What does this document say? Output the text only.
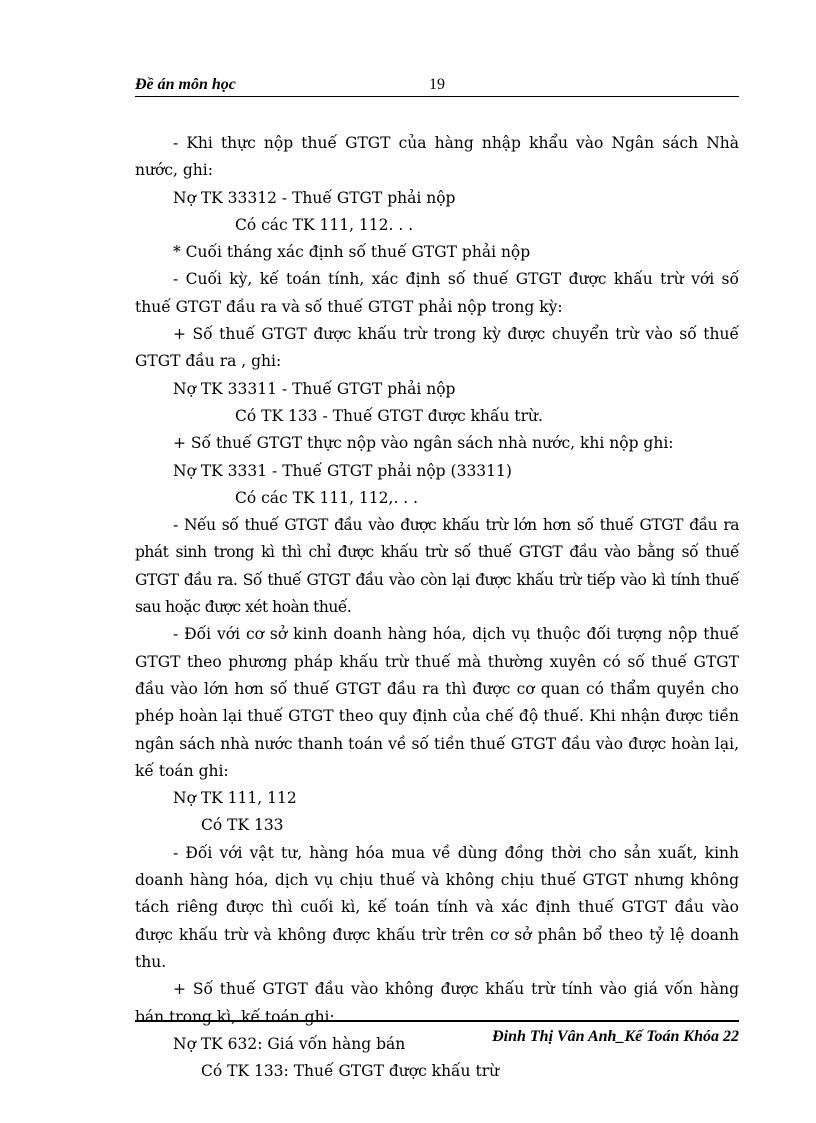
Đề án môn học	19

- Khi thực nộp thuế GTGT của hàng nhập khẩu vào Ngân sách Nhà nước, ghi:

Nợ TK 33312 - Thuế GTGT phải nộp

Có các TK 111, 112. . .

* Cuối tháng xác định số thuế GTGT phải nộp

- Cuối kỳ, kế toán tính, xác định số thuế GTGT được khấu trừ với số thuế GTGT đầu ra và số thuế GTGT phải nộp trong kỳ:

+ Số thuế GTGT được khấu trừ trong kỳ được chuyển trừ vào số thuế GTGT đầu ra , ghi:

Nợ TK 33311 - Thuế GTGT phải nộp

Có TK 133 - Thuế GTGT được khấu trừ.

+ Số thuế GTGT thực nộp vào ngân sách nhà nước, khi nộp ghi:

Nợ TK 3331 - Thuế GTGT phải nộp (33311)

Có các TK 111, 112,. . .

- Nếu số thuế GTGT đầu vào được khấu trừ lớn hơn số thuế GTGT đầu ra phát sinh trong kì thì chỉ được khấu trừ số thuế GTGT đầu vào bằng số thuế GTGT đầu ra. Số thuế GTGT đầu vào còn lại được khấu trừ tiếp vào kì tính thuế sau hoặc được xét hoàn thuế.

- Đối với cơ sở kinh doanh hàng hóa, dịch vụ thuộc đối tượng nộp thuế GTGT theo phương pháp khấu trừ thuế mà thường xuyên có số thuế GTGT đầu vào lớn hơn số thuế GTGT đầu ra thì được cơ quan có thẩm quyền cho phép hoàn lại thuế GTGT theo quy định của chế độ thuế. Khi nhận được tiền ngân sách nhà nước thanh toán về số tiền thuế GTGT đầu vào được hoàn lại, kế toán ghi:

Nợ TK 111, 112

Có TK 133

- Đối với vật tư, hàng hóa mua về dùng đồng thời cho sản xuất, kinh doanh hàng hóa, dịch vụ chịu thuế và không chịu thuế GTGT nhưng không tách riêng được thì cuối kì, kế toán tính và xác định thuế GTGT đầu vào được khấu trừ và không được khấu trừ trên cơ sở phân bổ theo tỷ lệ doanh thu.

+ Số thuế GTGT đầu vào không được khấu trừ tính vào giá vốn hàng bán trong kì, kế toán ghi:

Nợ TK 632: Giá vốn hàng bán

Có TK 133: Thuế GTGT được khấu trừ

Đinh Thị Vân Anh_Kế Toán Khóa 22
